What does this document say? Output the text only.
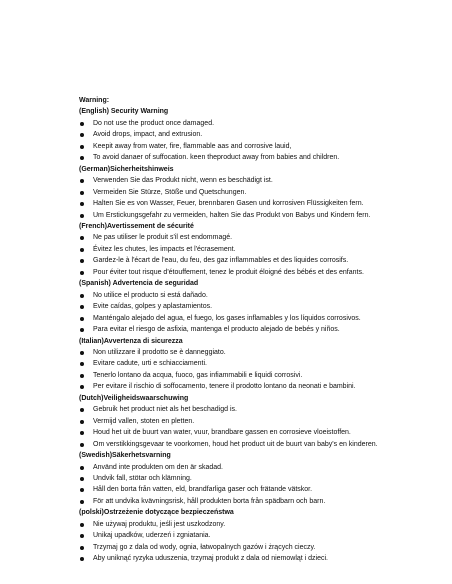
Warning:
(English) Security Warning
Do not use the product once damaged.
Avoid drops, impact, and extrusion.
Keepit away from water, fire, flammable aas and corrosive lauid,
To avoid danaer of suffocation. keen theproduct away from babies and children.
(German)Sicherheitshinweis
Verwenden Sie das Produkt nicht, wenn es beschädigt ist.
Vermeiden Sie Stürze, Stöße und Quetschungen.
Halten Sie es von Wasser, Feuer, brennbaren Gasen und korrosiven Flüssigkeiten fern.
Um Erstickungsgefahr zu vermeiden, halten Sie das Produkt von Babys und Kindern fern.
(French)Avertissement de sécurité
Ne pas utiliser le produit s'il est endommagé.
Évitez les chutes, les impacts et l'écrasement.
Gardez-le à l'écart de l'eau, du feu, des gaz inflammables et des liquides corrosifs.
Pour éviter tout risque d'étouffement, tenez le produit éloigné des bébés et des enfants.
(Spanish) Advertencia de seguridad
No utilice el producto si está dañado.
Evite caídas, golpes y aplastamientos.
Manténgalo alejado del agua, el fuego, los gases inflamables y los líquidos corrosivos.
Para evitar el riesgo de asfixia, mantenga el producto alejado de bebés y niños.
(Italian)Avvertenza di sicurezza
Non utilizzare il prodotto se è danneggiato.
Evitare cadute, urti e schiacciamenti.
Tenerlo lontano da acqua, fuoco, gas infiammabili e liquidi corrosivi.
Per evitare il rischio di soffocamento, tenere il prodotto lontano da neonati e bambini.
(Dutch)Veiligheidswaarschuwing
Gebruik het product niet als het beschadigd is.
Vermijd vallen, stoten en pletten.
Houd het uit de buurt van water, vuur, brandbare gassen en corrosieve vloeistoffen.
Om verstikkingsgevaar te voorkomen, houd het product uit de buurt van baby's en kinderen.
(Swedish)Säkerhetsvarning
Använd inte produkten om den är skadad.
Undvik fall, stötar och klämning.
Håll den borta från vatten, eld, brandfarliga gaser och frätande vätskor.
För att undvika kvävningsrisk, håll produkten borta från spädbarn och barn.
(polski)Ostrzeżenie dotyczące bezpieczeństwa
Nie używaj produktu, jeśli jest uszkodzony.
Unikaj upadków, uderzeń i zgniatania.
Trzymaj go z dala od wody, ognia, łatwopalnych gazów i żrących cieczy.
Aby uniknąć ryzyka uduszenia, trzymaj produkt z dala od niemowląt i dzieci.
